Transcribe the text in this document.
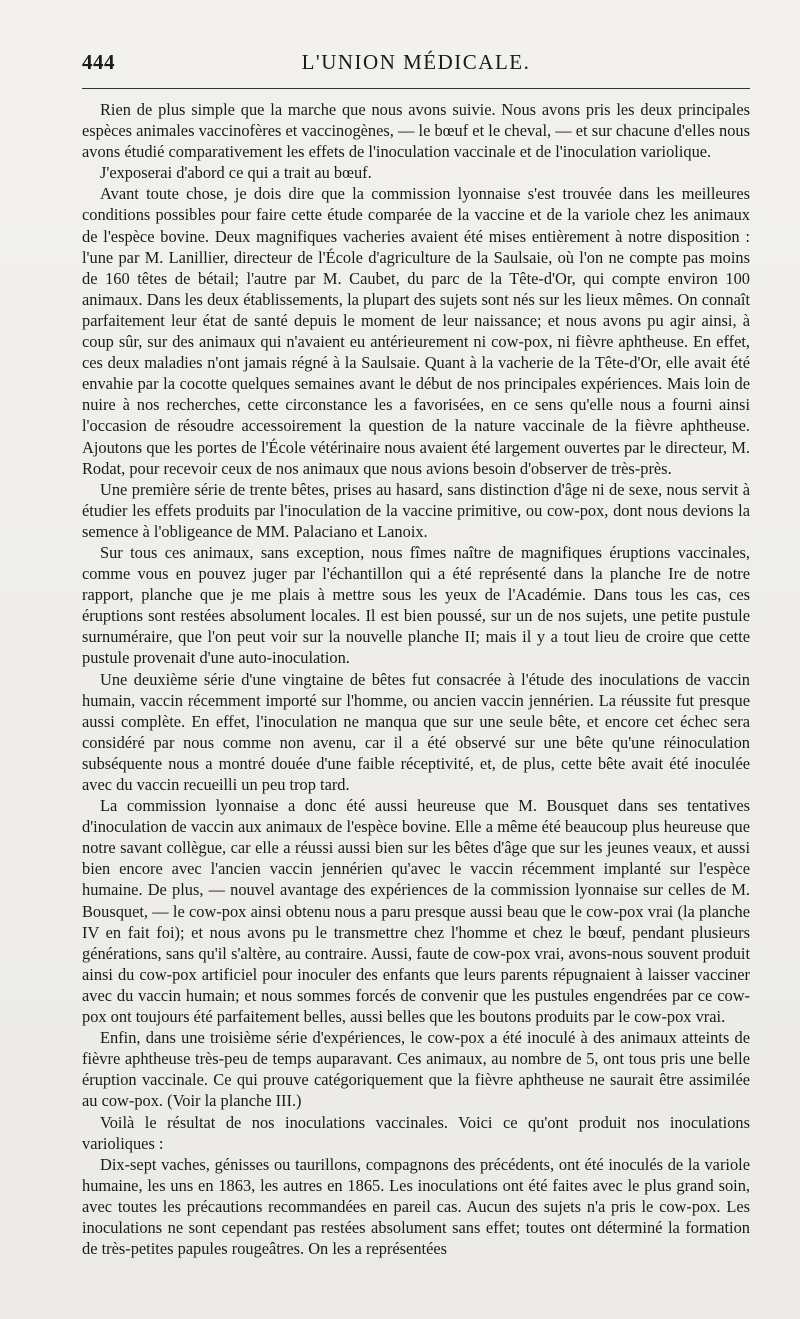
444	L'UNION MÉDICALE.

Rien de plus simple que la marche que nous avons suivie. Nous avons pris les deux principales espèces animales vaccinofères et vaccinogènes, — le bœuf et le cheval, — et sur chacune d'elles nous avons étudié comparativement les effets de l'inoculation vaccinale et de l'inoculation variolique.

J'exposerai d'abord ce qui a trait au bœuf.

Avant toute chose, je dois dire que la commission lyonnaise s'est trouvée dans les meilleures conditions possibles pour faire cette étude comparée de la vaccine et de la variole chez les animaux de l'espèce bovine. Deux magnifiques vacheries avaient été mises entièrement à notre disposition : l'une par M. Lanillier, directeur de l'École d'agriculture de la Saulsaie, où l'on ne compte pas moins de 160 têtes de bétail; l'autre par M. Caubet, du parc de la Tête-d'Or, qui compte environ 100 animaux. Dans les deux établissements, la plupart des sujets sont nés sur les lieux mêmes. On connaît parfaitement leur état de santé depuis le moment de leur naissance; et nous avons pu agir ainsi, à coup sûr, sur des animaux qui n'avaient eu antérieurement ni cow-pox, ni fièvre aphtheuse. En effet, ces deux maladies n'ont jamais régné à la Saulsaie. Quant à la vacherie de la Tête-d'Or, elle avait été envahie par la cocotte quelques semaines avant le début de nos principales expériences. Mais loin de nuire à nos recherches, cette circonstance les a favorisées, en ce sens qu'elle nous a fourni ainsi l'occasion de résoudre accessoirement la question de la nature vaccinale de la fièvre aphtheuse. Ajoutons que les portes de l'École vétérinaire nous avaient été largement ouvertes par le directeur, M. Rodat, pour recevoir ceux de nos animaux que nous avions besoin d'observer de très-près.

Une première série de trente bêtes, prises au hasard, sans distinction d'âge ni de sexe, nous servit à étudier les effets produits par l'inoculation de la vaccine primitive, ou cow-pox, dont nous devions la semence à l'obligeance de MM. Palaciano et Lanoix.

Sur tous ces animaux, sans exception, nous fîmes naître de magnifiques éruptions vaccinales, comme vous en pouvez juger par l'échantillon qui a été représenté dans la planche Ire de notre rapport, planche que je me plais à mettre sous les yeux de l'Académie. Dans tous les cas, ces éruptions sont restées absolument locales. Il est bien poussé, sur un de nos sujets, une petite pustule surnuméraire, que l'on peut voir sur la nouvelle planche II; mais il y a tout lieu de croire que cette pustule provenait d'une auto-inoculation.

Une deuxième série d'une vingtaine de bêtes fut consacrée à l'étude des inoculations de vaccin humain, vaccin récemment importé sur l'homme, ou ancien vaccin jennérien. La réussite fut presque aussi complète. En effet, l'inoculation ne manqua que sur une seule bête, et encore cet échec sera considéré par nous comme non avenu, car il a été observé sur une bête qu'une réinoculation subséquente nous a montré douée d'une faible réceptivité, et, de plus, cette bête avait été inoculée avec du vaccin recueilli un peu trop tard.

La commission lyonnaise a donc été aussi heureuse que M. Bousquet dans ses tentatives d'inoculation de vaccin aux animaux de l'espèce bovine. Elle a même été beaucoup plus heureuse que notre savant collègue, car elle a réussi aussi bien sur les bêtes d'âge que sur les jeunes veaux, et aussi bien encore avec l'ancien vaccin jennérien qu'avec le vaccin récemment implanté sur l'espèce humaine. De plus, — nouvel avantage des expériences de la commission lyonnaise sur celles de M. Bousquet, — le cow-pox ainsi obtenu nous a paru presque aussi beau que le cow-pox vrai (la planche IV en fait foi); et nous avons pu le transmettre chez l'homme et chez le bœuf, pendant plusieurs générations, sans qu'il s'altère, au contraire. Aussi, faute de cow-pox vrai, avons-nous souvent produit ainsi du cow-pox artificiel pour inoculer des enfants que leurs parents répugnaient à laisser vacciner avec du vaccin humain; et nous sommes forcés de convenir que les pustules engendrées par ce cow-pox ont toujours été parfaitement belles, aussi belles que les boutons produits par le cow-pox vrai.

Enfin, dans une troisième série d'expériences, le cow-pox a été inoculé à des animaux atteints de fièvre aphtheuse très-peu de temps auparavant. Ces animaux, au nombre de 5, ont tous pris une belle éruption vaccinale. Ce qui prouve catégoriquement que la fièvre aphtheuse ne saurait être assimilée au cow-pox. (Voir la planche III.)

Voilà le résultat de nos inoculations vaccinales. Voici ce qu'ont produit nos inoculations varioliques :

Dix-sept vaches, génisses ou taurillons, compagnons des précédents, ont été inoculés de la variole humaine, les uns en 1863, les autres en 1865. Les inoculations ont été faites avec le plus grand soin, avec toutes les précautions recommandées en pareil cas. Aucun des sujets n'a pris le cow-pox. Les inoculations ne sont cependant pas restées absolument sans effet; toutes ont déterminé la formation de très-petites papules rougeâtres. On les a représentées
